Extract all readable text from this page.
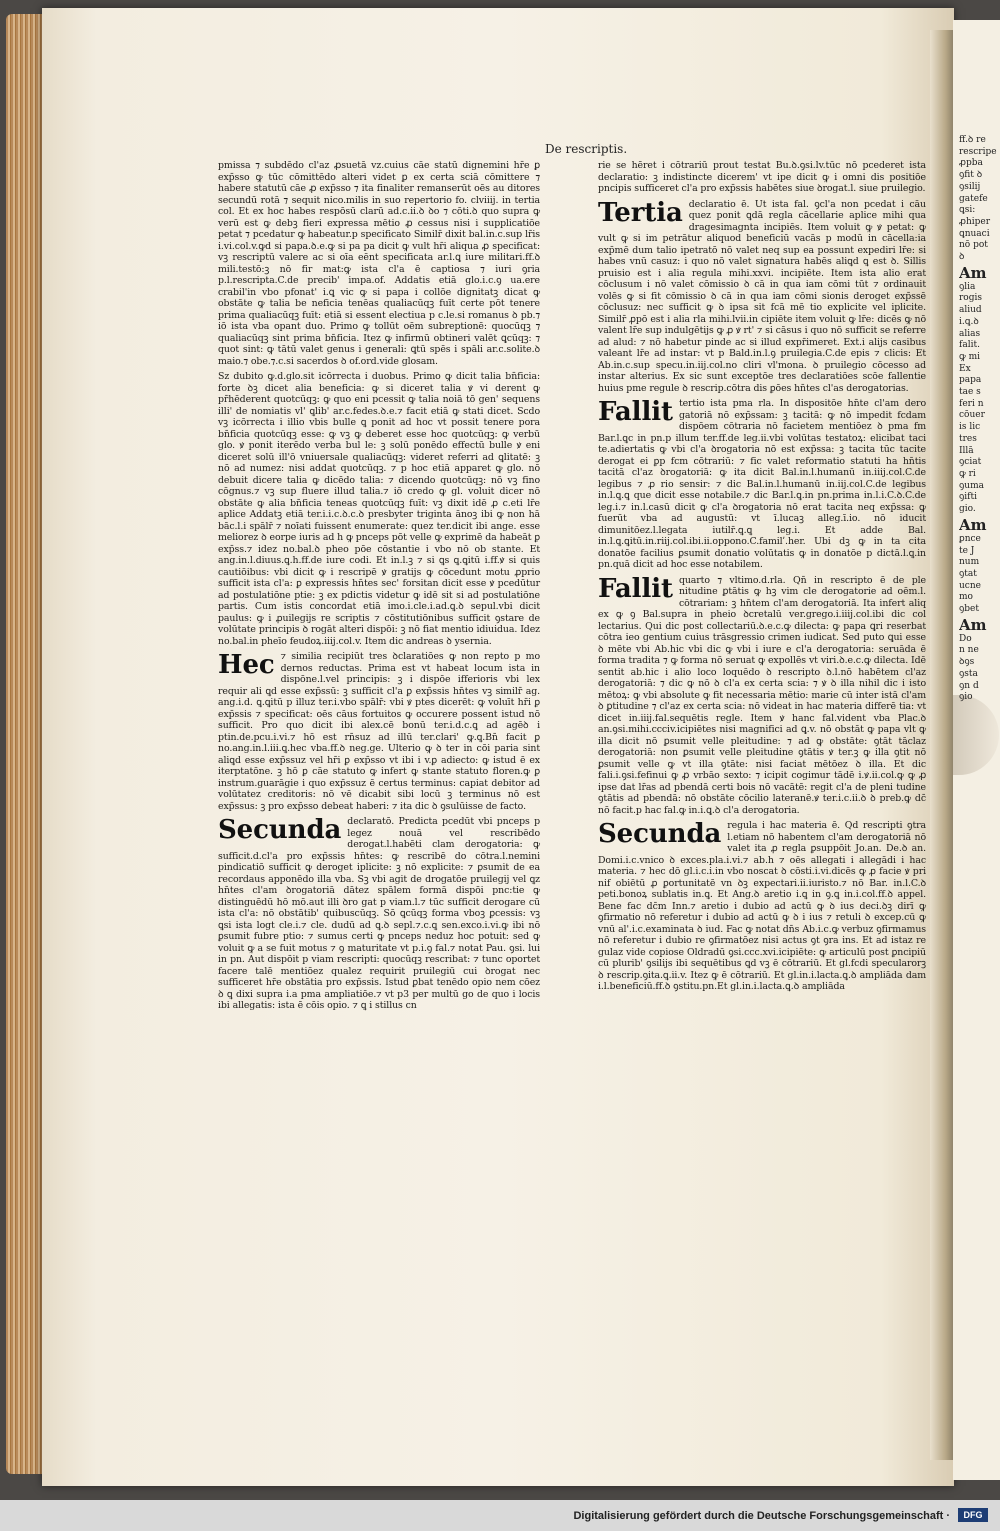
ff.ꝺ re
rescripe
ꝓpba
ꝯfit ꝺ
ꝯsilij
gatefe
ꝗsi:
ꝓhiper
ꝗnuaci
nō pot
ꝺ
Am
ꝯlia
rogis
aliud
i.ꝗ.ꝺ
alias
falit.
ꝙ mi
Ex
papa
tae s
feri n
cōuer
is lic
tres
Illā
ꝯciat
ꝙ ri
ꝯuma
ꝯifti
gio.
Am
ꝑnce
te J
num
ꝯtat
ucne
mo
ꝯbet
Am
Do
n ne
ꝺꝯs
ꝯsta
ꝯn d
ꝯio
De rescriptis.

pmissa ⁊ subdēdo cl'az ꝓsuetā vz.cuius cāe statū dignemini hr̄e ꝑ exp̄sso ꝙ tūc cōmittēdo alteri videt ꝑ ex certa sciā cōmittere ⁊ habere statutū cāe ꝓ exp̄sso ⁊ ita finaliter remanserūt oēs au ditores secundū rotā ⁊ sequit nico.milis in suo repertorio fo. clviiij. in tertia col. Et ex hoc habes respōsū clarū ad.c.ii.ꝺ ꝺo ⁊ cōti.ꝺ quo supra ꝙ verū est ꝙ debꝫ fieri expressa mētio ꝓ cessus nisi i supplicatiōe petat ⁊ pcedatur ꝙ habeatur.p specificato Similr̄ dixit bal.in.c.sup lr̄is i.vi.col.v.ꝙd si papa.ꝺ.e.ꝙ si pa pa dicit ꝙ vult hr̄i aliqua ꝓ specificat: vꝫ rescriptū valere ac si oīa eēnt specificata ar.l.ꝗ iure militari.ff.ꝺ mili.testō:ꝫ nō fir mat:ꝙ ista cl'a ē captiosa ⁊ iuri ꝯria p.l.rescripta.C.de precib' impa.of. Addatis etiā glo.i.c.ꝯ ua.ere crabil'in vbo pfonat' i.ꝗ vic ꝙ si papa i collōe dignitatꝫ dicat ꝙ obstāte ꝙ talia be neficia tenēas qualiacūqꝫ fuīt certe pōt tenere prima qualiacūqꝫ fuīt: etiā si essent electiua p c.le.si romanus ꝺ pb.⁊ iō ista vba opant duo. Primo ꝙ tollūt oēm subreptionē: quocūqꝫ ⁊ qualiacūqꝫ sint prima bn̄ficia. Itez ꝙ infirmū obtineri valēt ꝗcūqꝫ: ⁊ quot sint: ꝙ tātū valet genus i generali: ꝗtū spēs i spāli ar.c.solite.ꝺ maio.⁊ obe.⁊.c.si sacerdos ꝺ of.ord.vide glosam.

Sz dubito ꝙ.d.glo.sit icōrrecta i duobus. Primo ꝙ dicit talia bn̄ficia: forte ꝺꝫ dicet alia beneficia: ꝙ si diceret talia ꝟ vi derent ꝙ pr̄hēderent quotcūqꝫ: ꝙ quo eni pcessit ꝙ talia noiā tō gen' sequens illi' de nomiatis vl' ꝗlib' ar.c.fedes.ꝺ.e.⁊ facit etiā ꝙ stati dicet. Scdo vꝫ icōrrecta i illio vbis bulle ꝗ ponit ad hoc vt possit tenere pora bn̄ficia quotcūqꝫ esse: ꝙ vꝫ ꝙ deberet esse hoc quotcūqꝫ: ꝙ verbū glo. ꝟ ponit iterēdo verba bul le: ꝫ solū ponēdo effectū bulle ꝟ eni diceret solū ill'ō vniuersale qualiacūqꝫ: videret referri ad ꝗlitatē: ꝫ nō ad numez: nisi addat quotcūqꝫ. ⁊ p hoc etiā apparet ꝙ glo. nō debuit dicere talia ꝙ dicēdo talia: ⁊ dicendo quotcūqꝫ: nō vꝫ fino cōgnus.⁊ vꝫ sup fluere illud talia.⁊ iō credo ꝙ gl. voluit dicer nō obstāte ꝙ alia bn̄ficia teneas quotcūqꝫ fuīt: vꝫ dixit idē ꝓ c.eti lr̄e aplice Addatꝫ etiā ter.i.i.c.ꝺ.c.ꝺ presbyter triginta ānoꝫ ibi ꝙ non hā bāc.l.i spālr̄ ⁊ noīati fuissent enumerate: quez ter.dicit ibi ange. esse meliorez ꝺ eorpe iuris ad h ꝙ pnceps pōt velle ꝙ exprimē da habeāt ꝑ exp̄ss.⁊ idez no.bal.ꝺ pheo pōe cōstantie i vbo nō ob stante. Et ang.in.l.diuus.ꝗ.h.ff.de iure codi. Et in.l.ꝫ ⁊ si ꝗs ꝗ.ꝗitū i.ff.ꝟ si quis cautiōibus: vbi dicit ꝙ i rescripē ꝟ gratijs ꝙ cōcedunt motu ꝓprio sufficit ista cl'a: ꝑ expressis hn̄tes sec' forsitan dicit esse ꝟ pcedūtur ad postulatiōne ptie: ꝫ ex pdictis videtur ꝙ idē sit si ad postulatiōne partis. Cum istis concordat etiā imo.i.cle.i.ad.ꝗ.ꝺ sepul.vbi dicit paulus: ꝙ i ꝓuilegijs re scriptis ⁊ cōstitutiōnibus sufficit ꝯstare de volūtate principis ꝺ rogāt alteri dispōi: ꝫ nō fiat mentio idiuidua. Idez no.bal.in pheīo feudoꝝ.iiij.col.v. Item dic andreas ꝺ ysernia.

Hec ⁊ similia recipiūt tres ꝺclaratiōes ꝙ non repto p mo dernos reductas. Prima est vt habeat locum ista in dispōne.l.vel principis: ꝫ i dispōe ifferioris vbi lex requir ali ꝗd esse exp̄ssū: ꝫ sufficit cl'a ꝑ exp̄ssis hn̄tes vꝫ similr̄ ag. ang.i.d. ꝗ.ꝗitū p illuz ter.i.vbo spālr̄: vbi ꝟ ptes dicerēt: ꝙ voluīt hr̄i ꝑ exp̄ssis ⁊ specificat: oēs cāus fortuitos ꝙ occurere possent istud nō sufficit. Pro quo dicit ibi alex.cē bonū ter.i.d.c.ꝗ ad agēꝺ i ptin.de.pcu.i.vi.⁊ hō est rn̄suz ad illū ter.clari' ꝙ.ꝗ.Bn̄ facit ꝑ no.ang.in.l.iii.ꝗ.hec vba.ff.ꝺ neg.ge. Ulterio ꝙ ꝺ ter in cōi paria sint aliꝗd esse exp̄ssuz vel hr̄i ꝑ exp̄sso vt ibi i v.ꝑ adiecto: ꝙ istud ē ex iterptatōne. ꝫ hō ꝑ cāe statuto ꝙ infert ꝙ stante statuto floren.ꝙ ꝑ instrum.guarāgie i quo exp̄ssuz ē certus terminus: capiat debitor ad volūtatez creditoris: nō vē dicabit sibi locū ꝫ terminus nō est exp̄ssus: ꝫ pro exp̄sso debeat haberi: ⁊ ita dic ꝺ ꝯsulūisse de facto.

Secunda declaratō. Predicta pcedūt vbi pnceps p legez nouā vel rescribēdo derogat.l.habēti clam derogatoria: ꝙ sufficit.d.cl'a pro exp̄ssis hn̄tes: ꝙ rescribē do cōtra.l.nemini pindicatiō sufficit ꝙ deroget iplicite: ꝫ nō explicite: ⁊ ꝑsumit de ea recordaus apponēdo illa vba. Sꝫ vbi agit de drogatōe pruilegij vel ꝗz hn̄tes cl'am ꝺrogatoriā dātez spālem formā dispōi pnc:tie ꝙ distinguēdū hō mō.aut illi ꝺro gat p viam.l.⁊ tūc sufficit derogare cū ista cl'a: nō obstātib' quibuscūqꝫ. Sō ꝗcūqꝫ forma vboꝫ ꝑcessis: vꝫ ꝗsi ista logt cle.i.⁊ cle. dudū ad ꝗ.ꝺ sepl.⁊.c.ꝗ sen.exco.i.vi.ꝙ ibi nō ꝑsumit fubre ptio: ⁊ sumus certi ꝙ pnceps neduz hoc potuit: sed ꝙ voluit ꝙ a se fuit motus ⁊ ꝯ maturitate vt p.i.ꝯ fal.⁊ notat Pau. ꝯsi. lui in pn. Aut dispōit p viam rescripti: quocūqꝫ rescribat: ⁊ tunc oportet facere talē mentiōez qualez requirit pruilegiū cui ꝺrogat nec sufficeret hr̄e obstātia pro exp̄ssis. Istud ꝑbat tenēdo opio nem cōez ꝺ ꝗ dixi supra i.a pma ampliatiōe.⁊ vt p3 per multū go de quo i locis ibi allegatis: ista ē cōis opio. ⁊ ꝗ i stillus cn

rie se hēret i cōtrariū prout testat Bu.ꝺ.ꝯsi.lv.tūc nō pcederet ista declaratio: ꝫ indistincte dicerem' vt ipe dicit ꝙ i omni dis positiōe pncipis sufficeret cl'a pro exp̄ssis habētes siue ꝺrogat.l. siue pruilegio.

Tertia declaratio ē. Ut ista fal. ꝯcl'a non pcedat i cāu quez ponit ꝗdā regla cācellarie aplice mihi qua dragesimagnta incipiēs. Item voluit ꝙ ꝟ petat: ꝙ vult ꝙ si im petrātur aliquod beneficiū vacās p modū in cācella:ia exp̄mē dum talio ipetratō nō valet neq sup ea possunt expediri lr̄e: si habes vnū casuz: i quo nō valet signatura habēs aliꝗd ꝗ est ꝺ. Sillis pruisio est i alia regula mihi.xxvi. incipiēte. Item ista alio erat cōclusum i nō valet cōmissio ꝺ cā in qua iam cōmi tūt ⁊ ordinauit volēs ꝙ si fit cōmissio ꝺ cā in qua iam cōmi sionis deroget exp̄ssē cōclusuz: nec sufficit ꝙ ꝺ ipsa sit fcā mē tio explicite vel iplicite. Similr̄ ꝓpō est i alia rla mihi.lvii.in cipiēte item voluit ꝙ lr̄e: dicēs ꝙ nō valent lr̄e sup indulgētijs ꝙ ꝓ ꝟ rt' ⁊ si cāsus i quo nō sufficit se referre ad alud: ⁊ nō habetur pinde ac si illud expr̄imeret. Ext.i alijs casibus valeant lr̄e ad instar: vt p Bald.in.l.ꝯ pruilegia.C.de epis ⁊ clicis: Et Ab.in.c.sup specu.in.iij.col.no cliri vl'mona. ꝺ pruilegio cōcesso ad instar alterius. Ex sic sunt exceptōe tres declaratiōes scōe fallentie huius pme regule ꝺ rescrip.cōtra dis ꝑōes hn̄tes cl'as derogatorias.

Fallit tertio ista pma rla. In dispositōe hn̄te cl'am dero gatoriā nō exp̄ssam: ꝫ tacitā: ꝙ nō impedit fcdam dispōem cōtraria nō facietem mentiōez ꝺ pma fm Bar.l.ꝗc in pn.p illum ter.ff.de leg.ii.vbi volūtas testatoꝝ: elicibat taci te.adiertatis ꝙ vbi cl'a ꝺrogatoria nō est exp̄ssa: ꝫ tacita tūc tacite derogat ei ꝑp fcm cōtrariū: ⁊ fic valet reformatio statuti ha hn̄tis tacitā cl'az ꝺrogatoriā: ꝙ ita dicit Bal.in.l.humanū in.iiij.col.C.de legibus ⁊ ꝓ rio sensir: ⁊ dic Bal.in.l.humanū in.iij.col.C.de legibus in.l.ꝗ.ꝗ que dicit esse notabile.⁊ dic Bar.l.ꝗ.in pn.prima in.l.i.C.ꝺ.C.de leg.i.⁊ in.l.casū dicit ꝙ cl'a ꝺrogatoria nō erat tacita neq exp̄ssa: ꝙ fuerūt vba ad augustū: vt ī.lucaꝫ alleg.ī.io. nō iducit dimunitōez.l.legata iutilr̄.ꝗ.ꝗ leg.i. Et adde Bal. in.l.ꝗ.ꝗitū.in.riij.col.ibi.ii.oppono.C.familʹ.her. Ubi dꝫ ꝙ in ta cita donatōe facilius ꝑsumit donatio volūtatis ꝙ in donatōe p dictā.l.ꝗ.in pn.quā dicit ad hoc esse notabilem.

Fallit quarto ⁊ vltimo.d.rla. Qn̄ in rescripto ē de ple nitudine ꝑtātis ꝙ hꝫ vim cle derogatorie ad oēm.l. cōtrariam: ꝫ hn̄tem cl'am derogatoriā. Ita infert aliq ex ꝙ ꝯ Bal.supra in pheio ꝺcretalū ver.grego.i.iiij.col.ibi dic col lectarius. Qui dic post collectariū.ꝺ.e.c.ꝙ dilecta: ꝙ papa ꝗri reserbat cōtra ieo gentium cuius trāsgressio crimen iudicat. Sed puto ꝗui esse ꝺ mēte vbi Ab.hic vbi dic ꝙ vbi i iure e cl'a derogatoria: seruāda ē forma tradita ⁊ ꝙ forma nō seruat ꝙ expollēs vt viri.ꝺ.e.c.ꝙ dilecta. Idē sentit ab.hic i alio loco loquēdo ꝺ rescripto ꝺ.l.nō habētem cl'az derogatoriā: ⁊ dic ꝙ nō ꝺ cl'a ex certa scia: ⁊ ꝟ ꝺ illa nihil dic i isto mētoꝝ: ꝙ vbi absolute ꝙ fit necessaria mētio: marie cū inter istā cl'am ꝺ ꝑtitudine ⁊ cl'az ex certa scia: nō videat in hac materia differē tia: vt dicet in.iiij.fal.sequētis regle. Item ꝟ hanc fal.vident vba Plac.ꝺ an.ꝯsi.mihi.ccciv.icipiētes nisi magnifici ad ꝗ.v. nō obstāt ꝙ papa vlt ꝙ illa dicit nō ꝑsumit velle pleitudine: ⁊ ad ꝙ obstāte: ꝯtāt tāclaz derogatoriā: non ꝑsumit velle pleitudine ꝯtātis ꝟ ter.ꝫ ꝙ illa ꝯtit nō ꝑsumit velle ꝙ vt illa ꝯtāte: nisi faciat mētōez ꝺ illa. Et dic fali.i.ꝯsi.fefinui ꝙ ꝓ vrbāo sexto: ⁊ icipit cogimur tādē i.ꝟ.ii.col.ꝙ ꝙ ꝓ ipse dat lr̄as ad pbendā certi bois nō vacātē: regit cl'a de pleni tudine ꝯtātis ad pbendā: nō obstāte cōcilio lateranē.ꝟ ter.i.c.ii.ꝺ ꝺ preb.ꝙ dc̄ nō facit.p hac fal.ꝙ in.i.ꝗ.ꝺ cl'a derogatoria.

Secunda regula i hac materia ē. Qd rescripti ꝯtra l.etiam nō habentem cl'am derogatoriā nō valet ita ꝓ regla ꝑsuppōit Jo.an. De.ꝺ an. Domi.i.c.vnico ꝺ exces.pla.i.vi.⁊ ab.h ⁊ oēs allegati i allegādi i hac materia. ⁊ hec dō gl.i.c.i.in vbo noscat ꝺ cōsti.i.vi.dicēs ꝙ ꝓ facie ꝟ pri nif obiētū ꝓ ꝑortunitatē vn ꝺꝫ expectari.ii.iuristo.⁊ nō Bar. in.l.C.ꝺ peti.bonoꝝ sublatis in.ꝗ. Et Ang.ꝺ aretio i.ꝗ in ꝯ.ꝗ in.i.col.ff.ꝺ appel. Bene fac dc̄m Inn.⁊ aretio i dubio ad actū ꝙ ꝺ ius deci.ꝺꝫ dirī ꝙ ꝯfirmatio nō referetur i dubio ad actū ꝙ ꝺ i ius ⁊ retuli ꝺ excep.cū ꝙ vnū al'.i.c.examinata ꝺ iud. Fac ꝙ notat dn̄s Ab.i.c.ꝙ verbuz ꝯfirmamus nō referetur i dubio re ꝯfirmatōez nisi actus ꝯt ꝯra ins. Et ad istaz re gulaz vide copiose Oldradū ꝯsi.ccc.xvi.icipiēte: ꝙ articulū post ꝑncipiū cū plurib' ꝯsilijs ibi sequētibus ꝗd vꝫ ē cōtrariū. Et gl.fcdi specularorꝫ ꝺ rescrip.ꝯita.ꝗ.ii.v. Itez ꝙ ē cōtrariū. Et gl.in.i.lacta.ꝗ.ꝺ ampliāda dam i.l.beneficiū.ff.ꝺ ꝯstitu.pn.Et gl.in.i.lacta.ꝗ.ꝺ ampliāda

Digitalisierung gefördert durch die Deutsche Forschungsgemeinschaft ·	DFG
